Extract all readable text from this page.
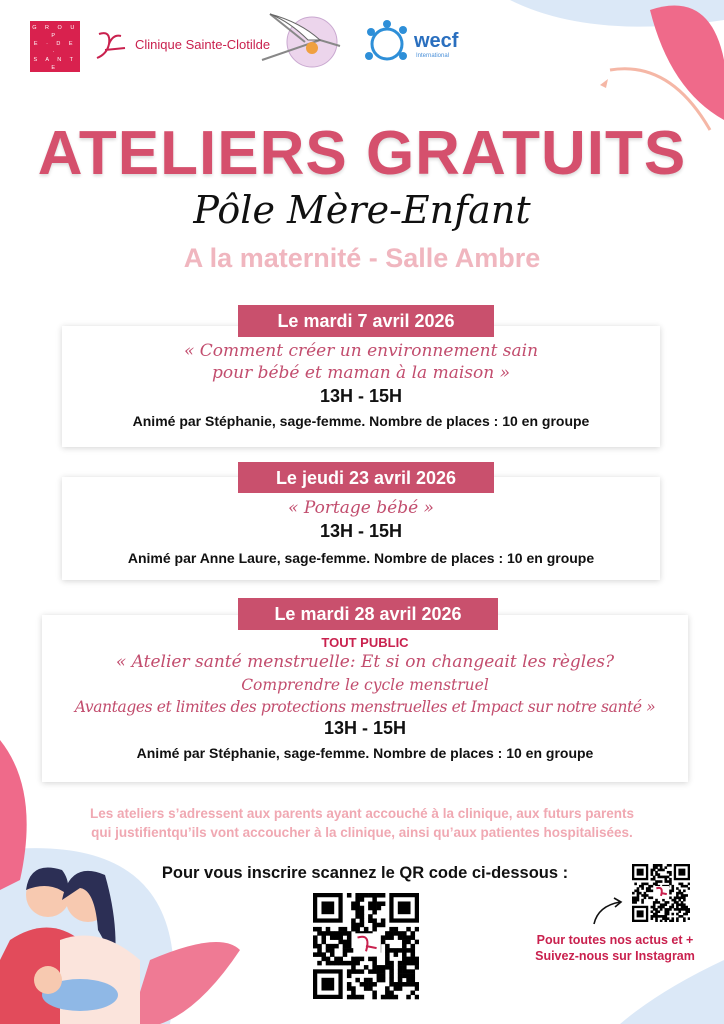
G R O U P
E · D E ·
S A N T E
C L I N I
F U T U R
Clinique Sainte-Clotilde	wecf
International
ATELIERS GRATUITS
Pôle Mère-Enfant
A la maternité - Salle Ambre
« Comment créer un environnement sain
pour bébé et maman à la maison »
13H - 15H
Animé par Stéphanie, sage-femme. Nombre de places : 10 en groupe
Le mardi 7 avril 2026
« Portage bébé »
13H - 15H
Animé par Anne Laure, sage-femme. Nombre de places : 10 en groupe
Le jeudi 23 avril 2026
TOUT PUBLIC
« Atelier santé menstruelle: Et si on changeait les règles?
Comprendre le cycle menstruel
Avantages et limites des protections menstruelles et Impact sur notre santé »
13H - 15H
Animé par Stéphanie, sage-femme. Nombre de places : 10 en groupe
Le mardi 28 avril 2026
Les ateliers s’adressent aux parents ayant accouché à la clinique, aux futurs parents
qui justifientqu’ils vont accoucher à la clinique, ainsi qu’aux patientes hospitalisées.
Pour vous inscrire scannez le QR code ci-dessous :
Pour toutes nos actus et +
Suivez-nous sur Instagram
